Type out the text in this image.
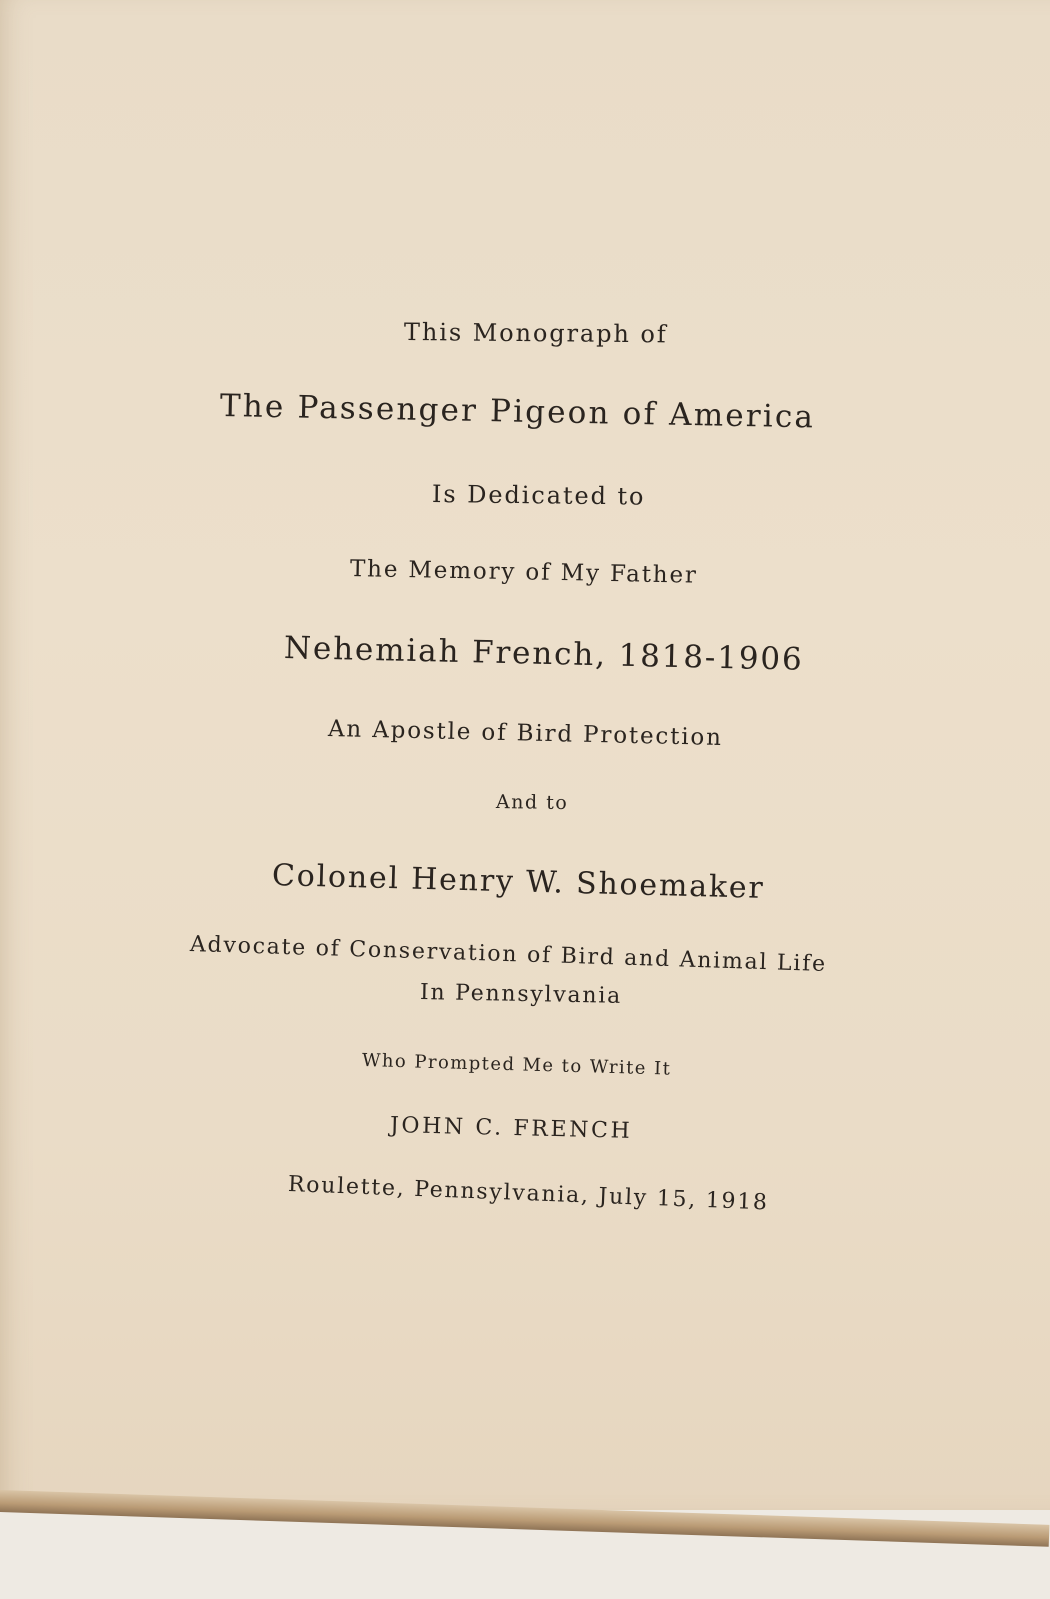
This Monograph of
The Passenger Pigeon of America
Is Dedicated to
The Memory of My Father
Nehemiah French, 1818-1906
An Apostle of Bird Protection
And to
Colonel Henry W. Shoemaker
Advocate of Conservation of Bird and Animal Life
In Pennsylvania
Who Prompted Me to Write It
JOHN C. FRENCH
Roulette, Pennsylvania, July 15, 1918
